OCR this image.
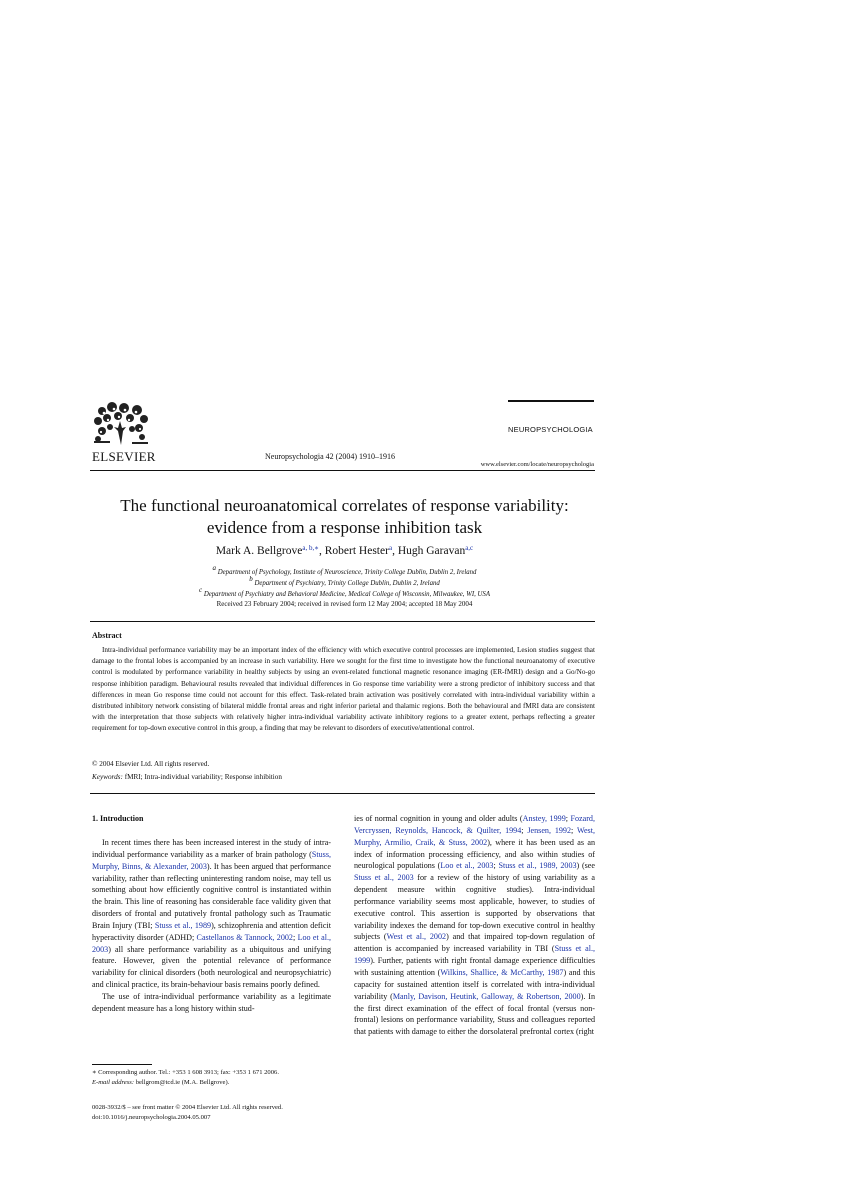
ELSEVIER	Neuropsychologia 42 (2004) 1910–1916
NEUROPSYCHOLOGIA
www.elsevier.com/locate/neuropsychologia
The functional neuroanatomical correlates of response variability:
evidence from a response inhibition task
Mark A. Bellgrove$^{a, b,∗}$, Robert Hester$^a$, Hugh Garavan$^{a,c}$
$^a$ Department of Psychology, Institute of Neuroscience, Trinity College Dublin, Dublin 2, Ireland
$^b$ Department of Psychiatry, Trinity College Dublin, Dublin 2, Ireland
$^c$ Department of Psychiatry and Behavioral Medicine, Medical College of Wisconsin, Milwaukee, WI, USA
Received 23 February 2004; received in revised form 12 May 2004; accepted 18 May 2004
Abstract
Intra-individual performance variability may be an important index of the efficiency with which executive control processes are implemented, Lesion studies suggest that damage to the frontal lobes is accompanied by an increase in such variability. Here we sought for the first time to investigate how the functional neuroanatomy of executive control is modulated by performance variability in healthy subjects by using an event-related functional magnetic resonance imaging (ER-fMRI) design and a Go/No-go response inhibition paradigm. Behavioural results revealed that individual differences in Go response time variability were a strong predictor of inhibitory success and that differences in mean Go response time could not account for this effect. Task-related brain activation was positively correlated with intra-individual variability within a distributed inhibitory network consisting of bilateral middle frontal areas and right inferior parietal and thalamic regions. Both the behavioural and fMRI data are consistent with the interpretation that those subjects with relatively higher intra-individual variability activate inhibitory regions to a greater extent, perhaps reflecting a greater requirement for top-down executive control in this group, a finding that may be relevant to disorders of executive/attentional control.
© 2004 Elsevier Ltd. All rights reserved.
Keywords: fMRI; Intra-individual variability; Response inhibition
1. Introduction

In recent times there has been increased interest in the study of intra-individual performance variability as a marker of brain pathology (Stuss, Murphy, Binns, & Alexander, 2003). It has been argued that performance variability, rather than reflecting uninteresting random noise, may tell us something about how efficiently cognitive control is instantiated within the brain. This line of reasoning has considerable face validity given that disorders of frontal and putatively frontal pathology such as Traumatic Brain Injury (TBI; Stuss et al., 1989), schizophrenia and attention deficit hyperactivity disorder (ADHD; Castellanos & Tannock, 2002; Loo et al., 2003) all share performance variability as a ubiquitous and unifying feature. However, given the potential relevance of performance variability for clinical disorders (both neurological and neuropsychiatric) and clinical practice, its brain-behaviour basis remains poorly defined.

The use of intra-individual performance variability as a legitimate dependent measure has a long history within stud-

ies of normal cognition in young and older adults (Anstey, 1999; Fozard, Vercryssen, Reynolds, Hancock, & Quilter, 1994; Jensen, 1992; West, Murphy, Armilio, Craik, & Stuss, 2002), where it has been used as an index of information processing efficiency, and also within studies of neurological populations (Loo et al., 2003; Stuss et al., 1989, 2003) (see Stuss et al., 2003 for a review of the history of using variability as a dependent measure within cognitive studies). Intra-individual performance variability seems most applicable, however, to studies of executive control. This assertion is supported by observations that variability indexes the demand for top-down executive control in healthy subjects (West et al., 2002) and that impaired top-down regulation of attention is accompanied by increased variability in TBI (Stuss et al., 1999). Further, patients with right frontal damage experience difficulties with sustaining attention (Wilkins, Shallice, & McCarthy, 1987) and this capacity for sustained attention itself is correlated with intra-individual variability (Manly, Davison, Heutink, Galloway, & Robertson, 2000). In the first direct examination of the effect of focal frontal (versus non-frontal) lesions on performance variability, Stuss and colleagues reported that patients with damage to either the dorsolateral prefrontal cortex (right

∗ Corresponding author. Tel.: +353 1 608 3913; fax: +353 1 671 2006.
E-mail address: bellgrom@tcd.ie (M.A. Bellgrove).
0028-3932/$ – see front matter © 2004 Elsevier Ltd. All rights reserved.
doi:10.1016/j.neuropsychologia.2004.05.007
